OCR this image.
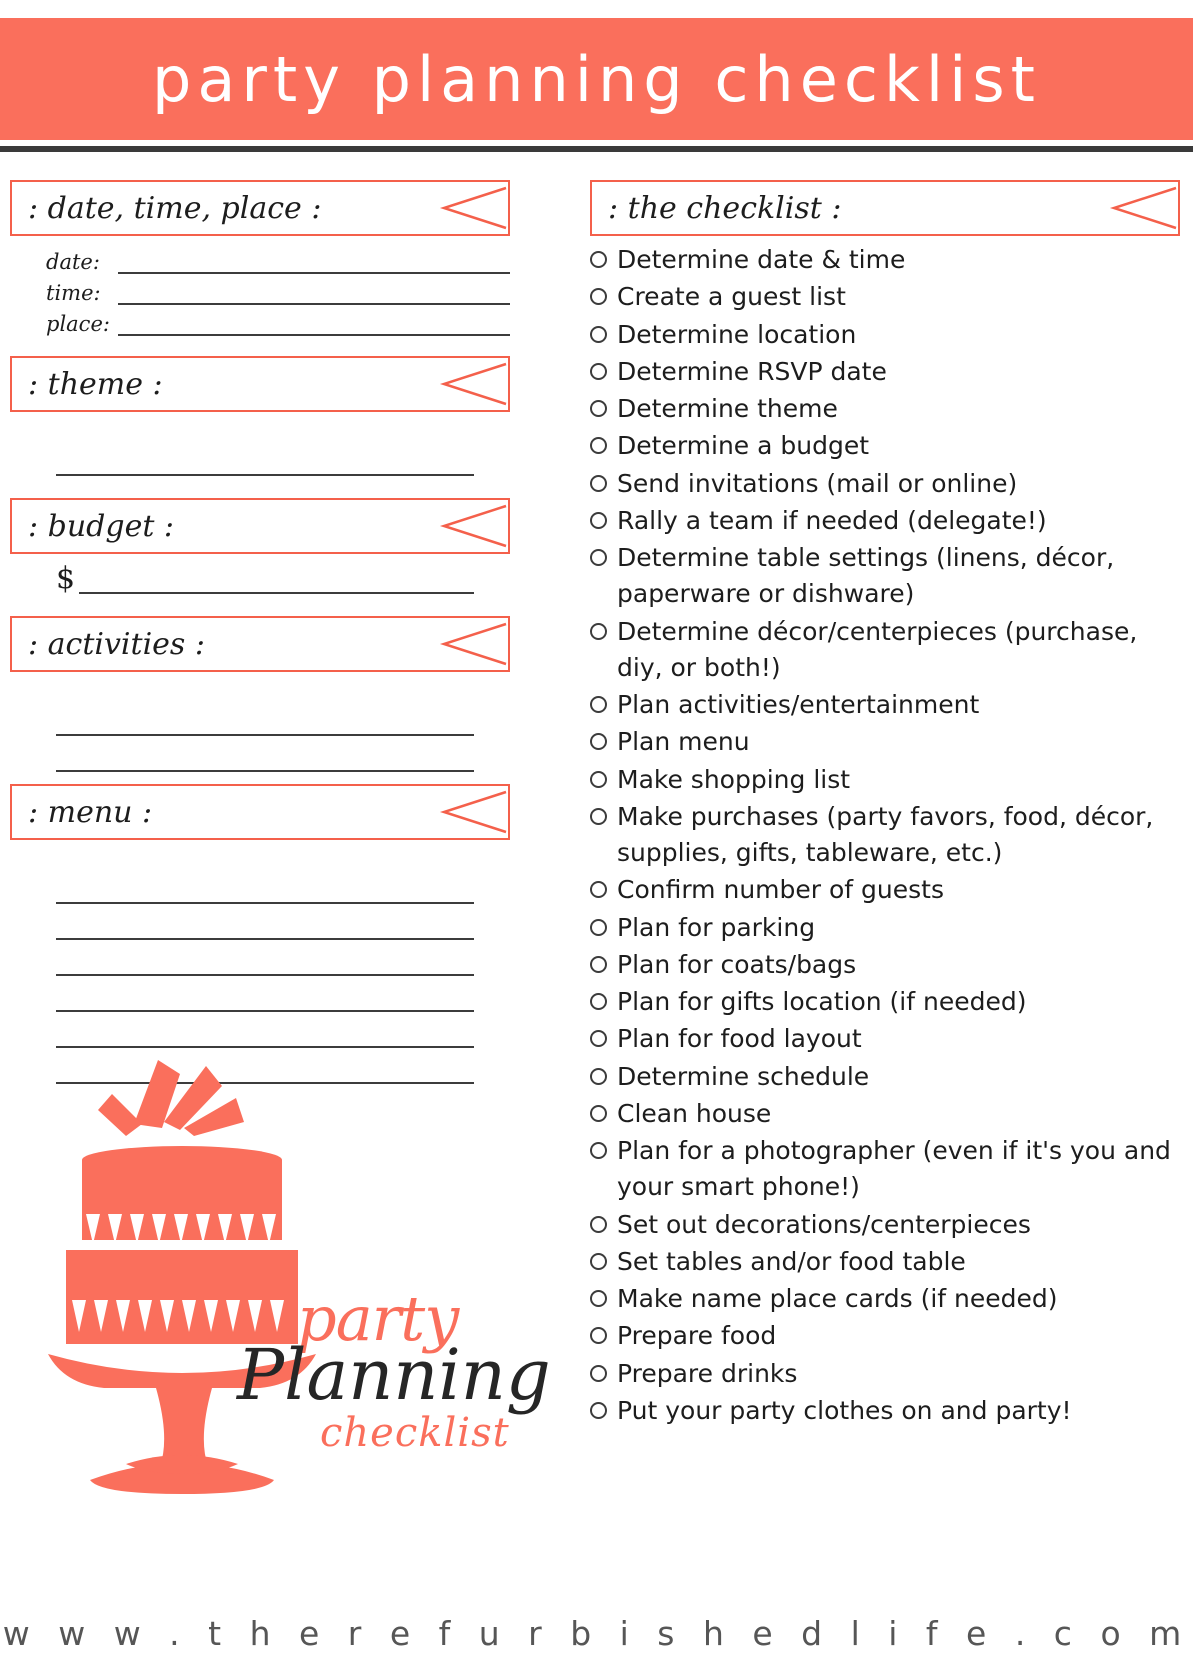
party planning checklist
: date, time, place :
date:
time:
place:
: theme :
: budget :
$
: activities :
: menu :
: the checklist :
Determine date & time
Create a guest list
Determine location
Determine RSVP date
Determine theme
Determine a budget
Send invitations (mail or online)
Rally a team if needed (delegate!)
Determine table settings (linens, décor, paperware or dishware)
Determine décor/centerpieces (purchase, diy, or both!)
Plan activities/entertainment
Plan menu
Make shopping list
Make purchases (party favors, food, décor, supplies, gifts, tableware, etc.)
Confirm number of guests
Plan for parking
Plan for coats/bags
Plan for gifts location (if needed)
Plan for food layout
Determine schedule
Clean house
Plan for a photographer (even if it's you and your smart phone!)
Set out decorations/centerpieces
Set tables and/or food table
Make name place cards (if needed)
Prepare food
Prepare drinks
Put your party clothes on and party!
party
Planning
checklist
w w w . t h e r e f u r b i s h e d l i f e . c o m
